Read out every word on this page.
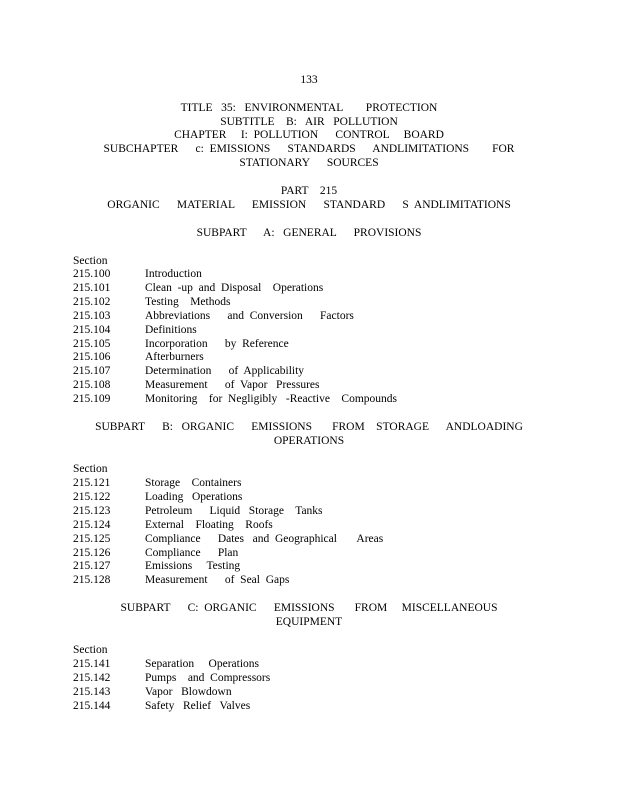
133
TITLE   35:   ENVIRONMENTAL        PROTECTION
SUBTITLE    B:   AIR   POLLUTION
CHAPTER     I:  POLLUTION      CONTROL     BOARD
SUBCHAPTER      c:  EMISSIONS      STANDARDS      ANDLIMITATIONS        FOR
STATIONARY      SOURCES
PART    215
ORGANIC      MATERIAL      EMISSION      STANDARD      S  ANDLIMITATIONS
SUBPART      A:   GENERAL      PROVISIONS
Section
215.100	Introduction
215.101	Clean  -up  and  Disposal    Operations
215.102	Testing    Methods
215.103	Abbreviations      and  Conversion      Factors
215.104	Definitions
215.105	Incorporation      by  Reference
215.106	Afterburners
215.107	Determination      of  Applicability
215.108	Measurement      of  Vapor   Pressures
215.109	Monitoring    for  Negligibly   -Reactive    Compounds
SUBPART      B:   ORGANIC      EMISSIONS       FROM    STORAGE      ANDLOADING
OPERATIONS
Section
215.121	Storage    Containers
215.122	Loading   Operations
215.123	Petroleum      Liquid   Storage    Tanks
215.124	External    Floating    Roofs
215.125	Compliance      Dates   and  Geographical       Areas
215.126	Compliance      Plan
215.127	Emissions     Testing
215.128	Measurement      of  Seal  Gaps
SUBPART      C:  ORGANIC      EMISSIONS       FROM     MISCELLANEOUS
EQUIPMENT
Section
215.141	Separation     Operations
215.142	Pumps    and  Compressors
215.143	Vapor   Blowdown
215.144	Safety   Relief   Valves
